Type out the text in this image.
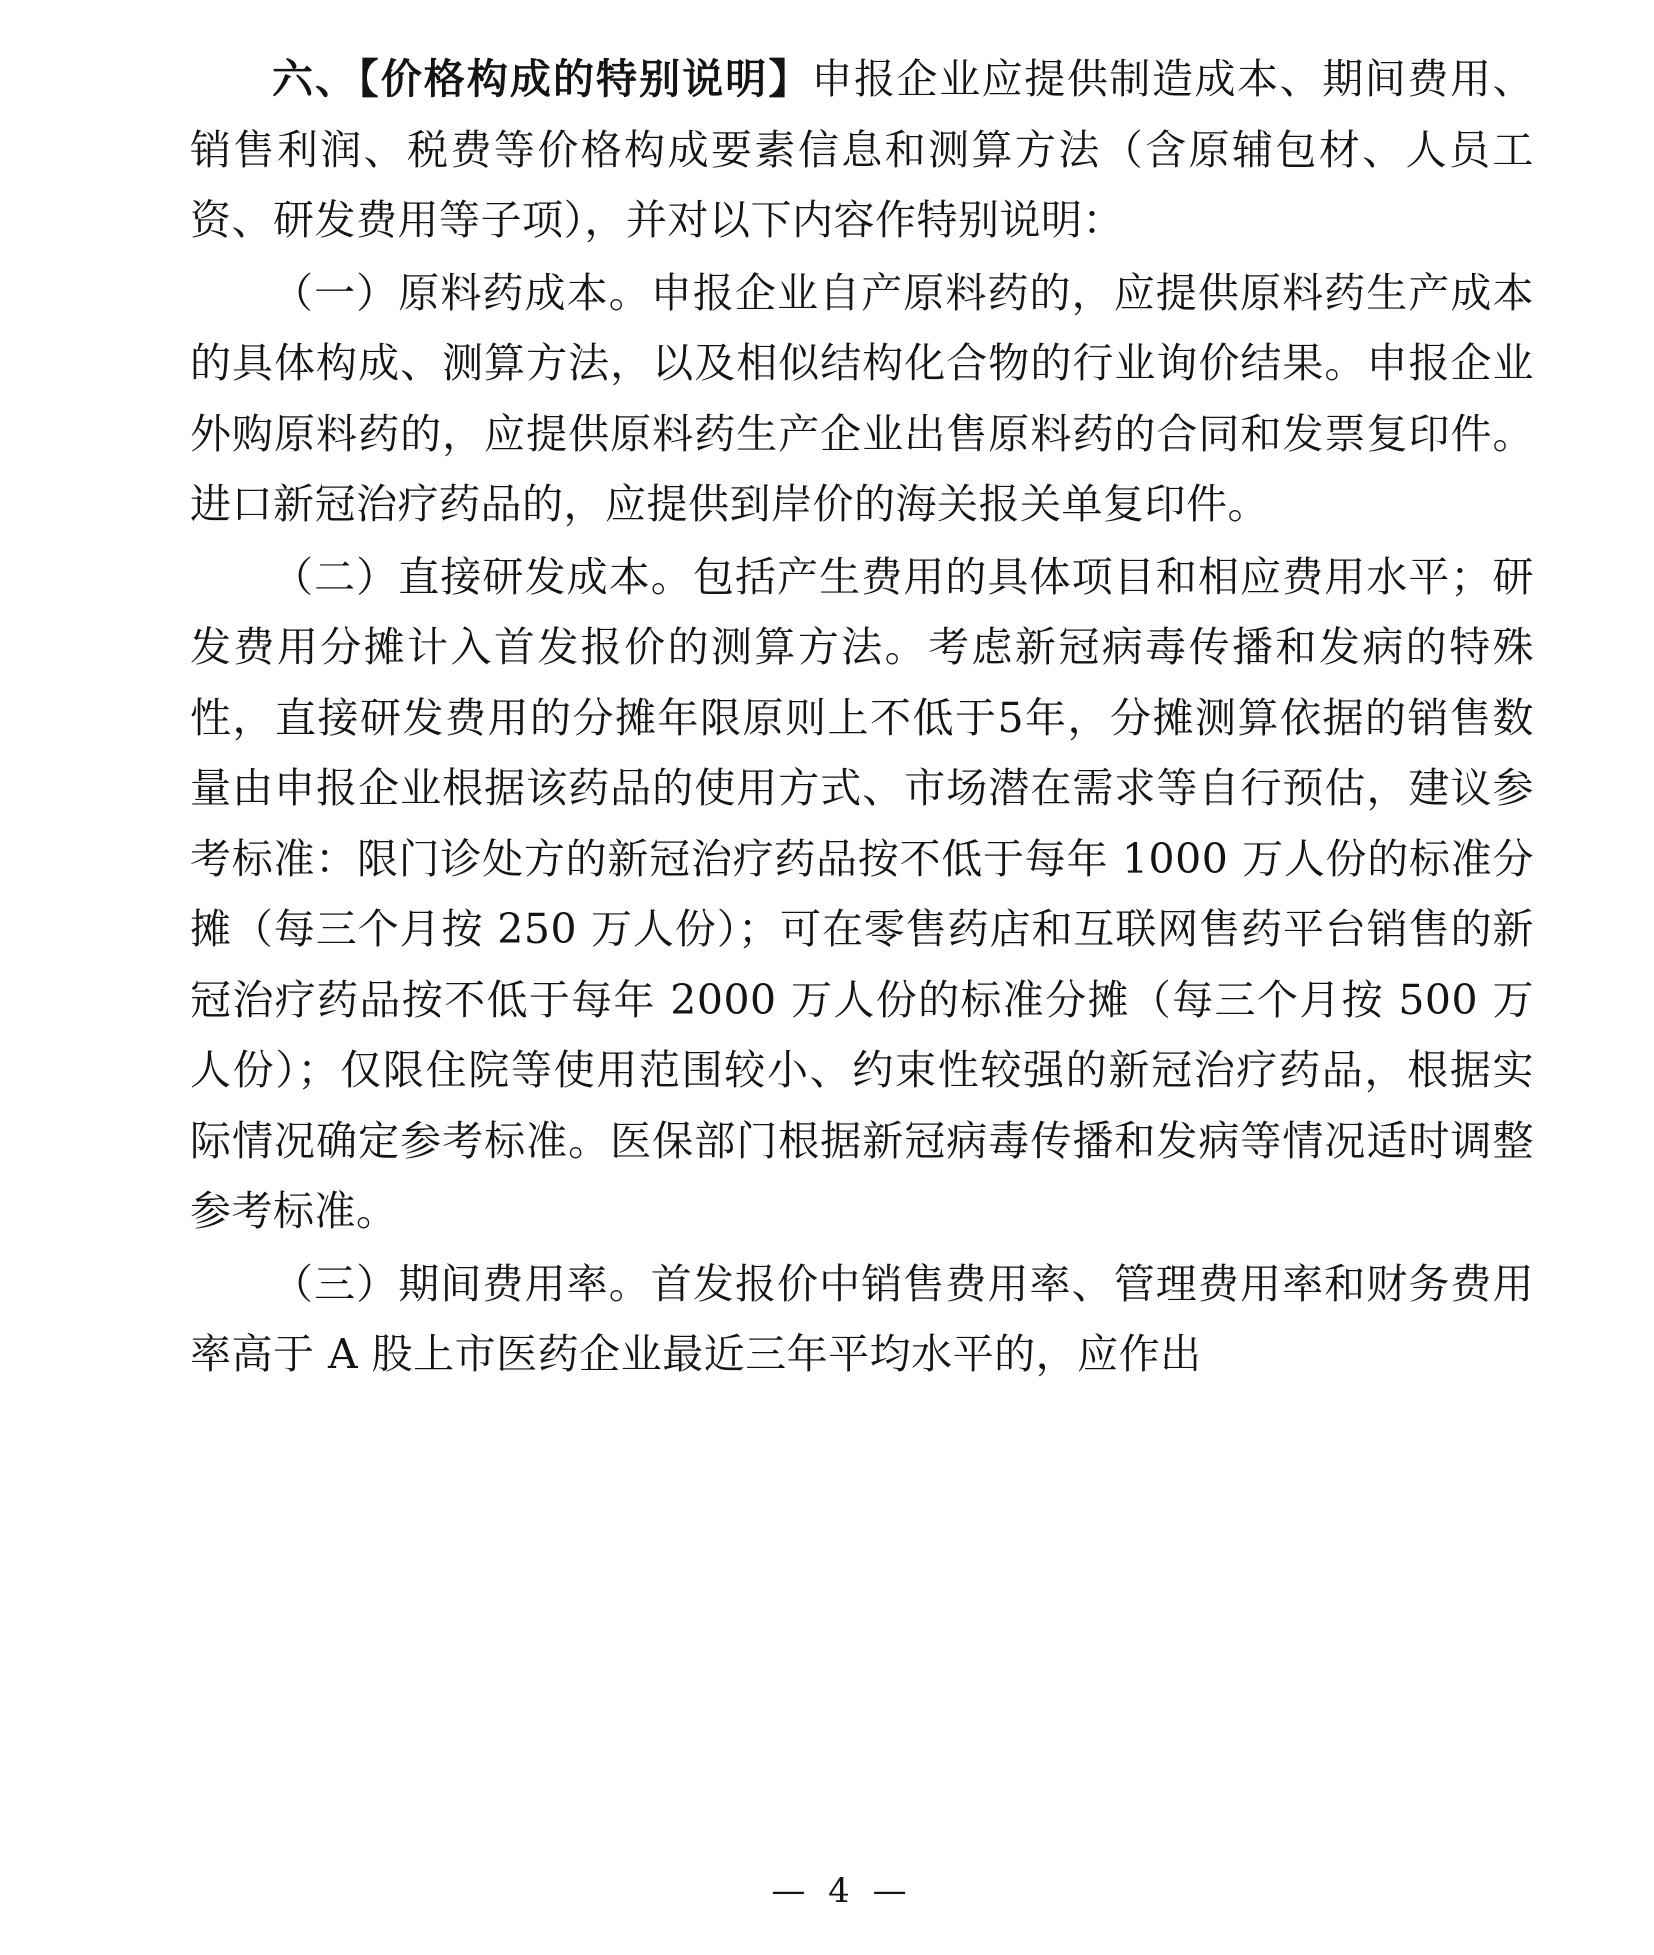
六、【价格构成的特别说明】申报企业应提供制造成本、期间费用、销售利润、税费等价格构成要素信息和测算方法（含原辅包材、人员工资、研发费用等子项），并对以下内容作特别说明：

（一）原料药成本。申报企业自产原料药的，应提供原料药生产成本的具体构成、测算方法，以及相似结构化合物的行业询价结果。申报企业外购原料药的，应提供原料药生产企业出售原料药的合同和发票复印件。进口新冠治疗药品的，应提供到岸价的海关报关单复印件。

（二）直接研发成本。包括产生费用的具体项目和相应费用水平；研发费用分摊计入首发报价的测算方法。考虑新冠病毒传播和发病的特殊性，直接研发费用的分摊年限原则上不低于5年，分摊测算依据的销售数量由申报企业根据该药品的使用方式、市场潜在需求等自行预估，建议参考标准：限门诊处方的新冠治疗药品按不低于每年 1000 万人份的标准分摊（每三个月按 250 万人份）；可在零售药店和互联网售药平台销售的新冠治疗药品按不低于每年 2000 万人份的标准分摊（每三个月按 500 万人份）；仅限住院等使用范围较小、约束性较强的新冠治疗药品，根据实际情况确定参考标准。医保部门根据新冠病毒传播和发病等情况适时调整参考标准。

（三）期间费用率。首发报价中销售费用率、管理费用率和财务费用率高于 A 股上市医药企业最近三年平均水平的，应作出

— 4 —
